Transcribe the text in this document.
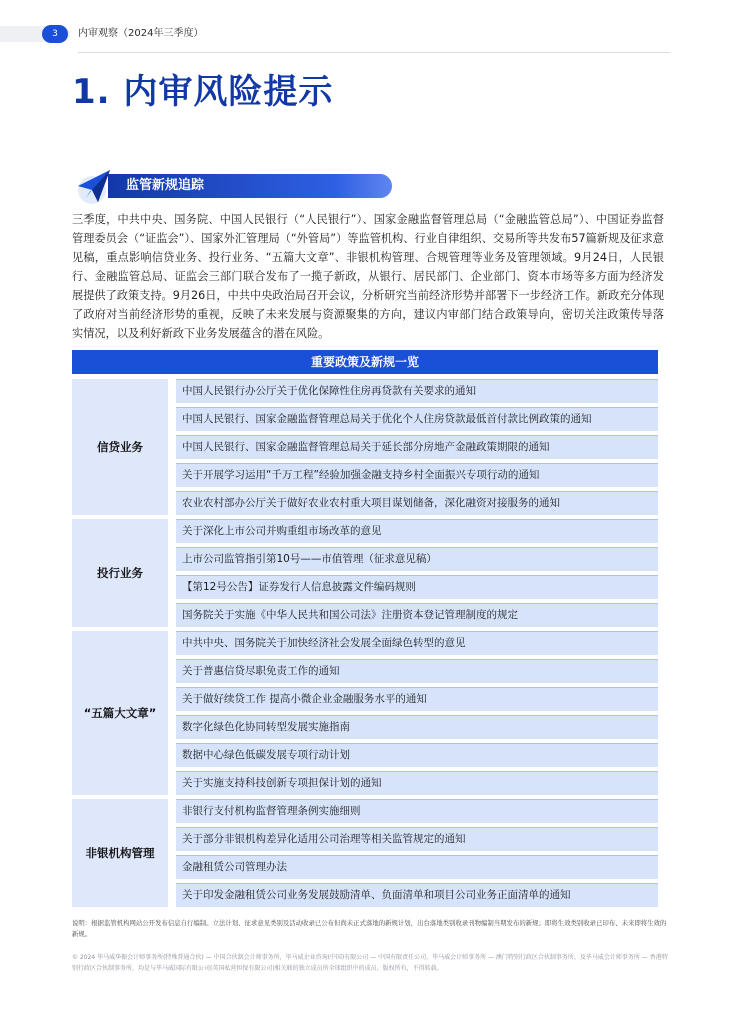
3	内审观察（2024年三季度）
1. 内审风险提示
监管新规追踪
三季度，中共中央、国务院、中国人民银行（“人民银行”）、国家金融监督管理总局（“金融监管总局”）、中国证券监督管理委员会（“证监会”）、国家外汇管理局（“外管局”）等监管机构、行业自律组织、交易所等共发布57篇新规及征求意见稿，重点影响信贷业务、投行业务、“五篇大文章”、非银机构管理、合规管理等业务及管理领域。9月24日，人民银行、金融监管总局、证监会三部门联合发布了一揽子新政，从银行、居民部门、企业部门、资本市场等多方面为经济发展提供了政策支持。9月26日，中共中央政治局召开会议，分析研究当前经济形势并部署下一步经济工作。新政充分体现了政府对当前经济形势的重视，反映了未来发展与资源聚集的方向，建议内审部门结合政策导向，密切关注政策传导落实情况，以及利好新政下业务发展蕴含的潜在风险。
重要政策及新规一览
信贷业务
中国人民银行办公厅关于优化保障性住房再贷款有关要求的通知
中国人民银行、国家金融监督管理总局关于优化个人住房贷款最低首付款比例政策的通知
中国人民银行、国家金融监督管理总局关于延长部分房地产金融政策期限的通知
关于开展学习运用“千万工程”经验加强金融支持乡村全面振兴专项行动的通知
农业农村部办公厅关于做好农业农村重大项目谋划储备，深化融资对接服务的通知
投行业务
关于深化上市公司并购重组市场改革的意见
上市公司监管指引第10号——市值管理（征求意见稿）
【第12号公告】证券发行人信息披露文件编码规则
国务院关于实施《中华人民共和国公司法》注册资本登记管理制度的规定
“五篇大文章”
中共中央、国务院关于加快经济社会发展全面绿色转型的意见
关于普惠信贷尽职免责工作的通知
关于做好续贷工作 提高小微企业金融服务水平的通知
数字化绿色化协同转型发展实施指南
数据中心绿色低碳发展专项行动计划
关于实施支持科技创新专项担保计划的通知
非银机构管理
非银行支付机构监督管理条例实施细则
关于部分非银机构差异化适用公司治理等相关监管规定的通知
金融租赁公司管理办法
关于印发金融租赁公司业务发展鼓励清单、负面清单和项目公司业务正面清单的通知
说明：根据监管机构网站公开发布信息自行编制。立法计划、征求意见类别及活动收录已公布但尚未正式落地的新规计划，出台落地类别收录刊物编制当期发布的新规；即将生效类别收录已印布、未来即将生效的新规。
© 2024 毕马威华振会计师事务所(特殊普通合伙) — 中国合伙制会计师事务所，毕马威企业咨询(中国)有限公司 — 中国有限责任公司，毕马威会计师事务所 — 澳门特别行政区合伙制事务所，及毕马威会计师事务所 — 香港特别行政区合伙制事务所，均是与毕马威国际有限公司(英国私营担保有限公司)相关联的独立成员所全球组织中的成员。版权所有，不得转载。
